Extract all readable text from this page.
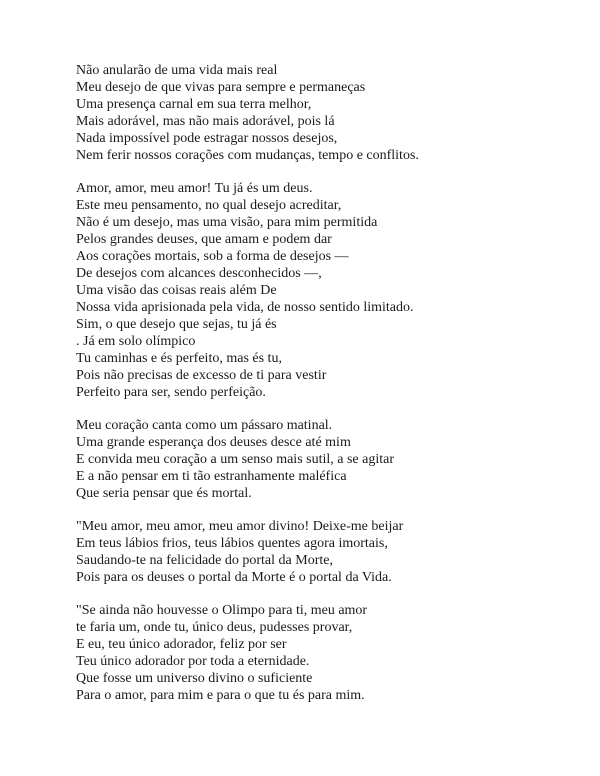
Não anularão de uma vida mais real
Meu desejo de que vivas para sempre e permaneças
Uma presença carnal em sua terra melhor,
Mais adorável, mas não mais adorável, pois lá
Nada impossível pode estragar nossos desejos,
Nem ferir nossos corações com mudanças, tempo e conflitos.
Amor, amor, meu amor! Tu já és um deus.
Este meu pensamento, no qual desejo acreditar,
Não é um desejo, mas uma visão, para mim permitida
Pelos grandes deuses, que amam e podem dar
Aos corações mortais, sob a forma de desejos —
De desejos com alcances desconhecidos —,
Uma visão das coisas reais além De
Nossa vida aprisionada pela vida, de nosso sentido limitado.
Sim, o que desejo que sejas, tu já és
. Já em solo olímpico
Tu caminhas e és perfeito, mas és tu,
Pois não precisas de excesso de ti para vestir
Perfeito para ser, sendo perfeição.
Meu coração canta como um pássaro matinal.
Uma grande esperança dos deuses desce até mim
E convida meu coração a um senso mais sutil, a se agitar
E a não pensar em ti tão estranhamente maléfica
Que seria pensar que és mortal.
"Meu amor, meu amor, meu amor divino! Deixe-me beijar
Em teus lábios frios, teus lábios quentes agora imortais,
Saudando-te na felicidade do portal da Morte,
Pois para os deuses o portal da Morte é o portal da Vida.
"Se ainda não houvesse o Olimpo para ti, meu amor
te faria um, onde tu, único deus, pudesses provar,
E eu, teu único adorador, feliz por ser
Teu único adorador por toda a eternidade.
Que fosse um universo divino o suficiente
Para o amor, para mim e para o que tu és para mim.
